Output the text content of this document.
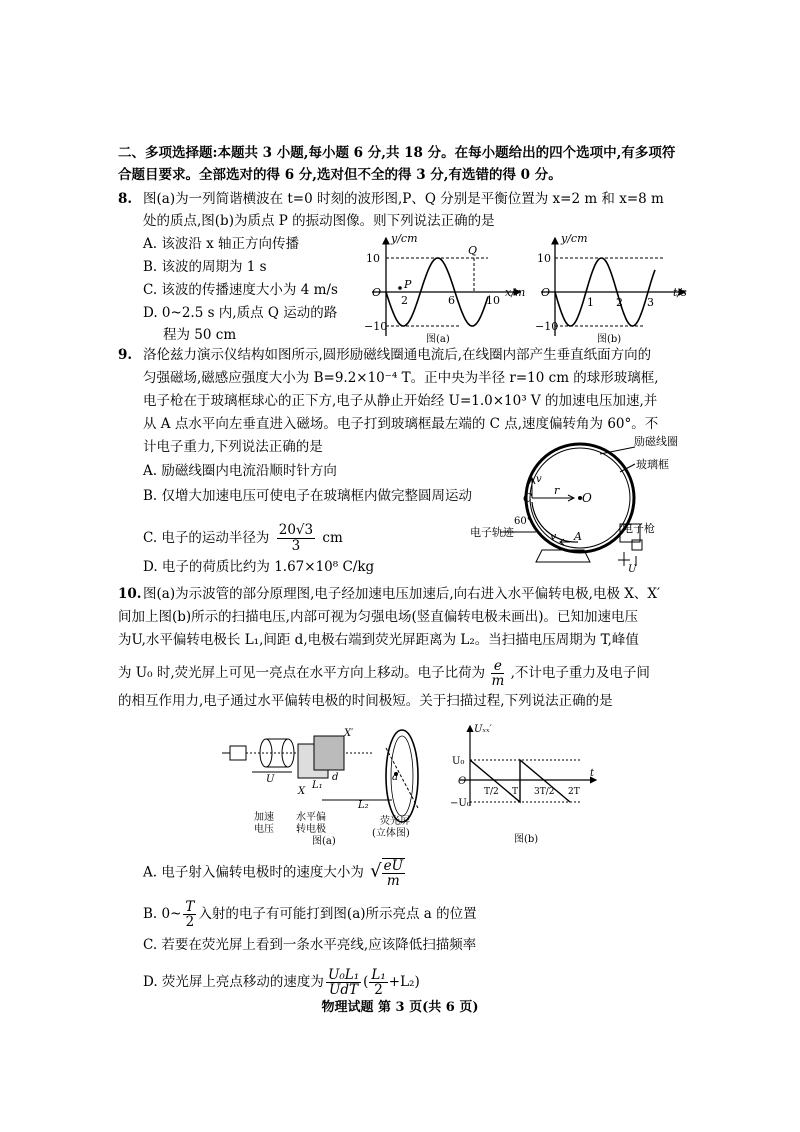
二、多项选择题:本题共 3 小题,每小题 6 分,共 18 分。在每小题给出的四个选项中,有多项符
合题目要求。全部选对的得 6 分,选对但不全的得 3 分,有选错的得 0 分。
8. 图(a)为一列简谐横波在 t=0 时刻的波形图,P、Q 分别是平衡位置为 x=2 m 和 x=8 m
处的质点,图(b)为质点 P 的振动图像。则下列说法正确的是
A. 该波沿 x 轴正方向传播
B. 该波的周期为 1 s
C. 该波的传播速度大小为 4 m/s
D. 0~2.5 s 内,质点 Q 运动的路
程为 50 cm
y/cm
10
−10
O
2	6	10
x/m
P
Q
图(a)
y/cm
10
−10
O
1 2 3
t/s
图(b)
9. 洛伦兹力演示仪结构如图所示,圆形励磁线圈通电流后,在线圈内部产生垂直纸面方向的
匀强磁场,磁感应强度大小为 B=9.2×10⁻⁴ T。正中央为半径 r=10 cm 的球形玻璃框,
电子枪在于玻璃框球心的正下方,电子从静止开始经 U=1.0×10³ V 的加速电压加速,并
从 A 点水平向左垂直进入磁场。电子打到玻璃框最左端的 C 点,速度偏转角为 60°。不
计电子重力,下列说法正确的是
A. 励磁线圈内电流沿顺时针方向
B. 仅增大加速电压可使电子在玻璃框内做完整圆周运动
C. 电子的运动半径为 $\frac{20√3}{3}$ cm
D. 电子的荷质比约为 1.67×10⁸ C/kg
励磁线圈
玻璃框
电子轨迹	电子枪
C	O
r
v
v A
60°
U
10. 图(a)为示波管的部分原理图,电子经加速电压加速后,向右进入水平偏转电极,电极 X、X′
间加上图(b)所示的扫描电压,内部可视为匀强电场(竖直偏转电极未画出)。已知加速电压
为U,水平偏转电极长 L₁,间距 d,电极右端到荧光屏距离为 L₂。当扫描电压周期为 T,峰值
为 U₀ 时,荧光屏上可见一亮点在水平方向上移动。电子比荷为 $\frac{e}{m}$ ,不计电子重力及电子间
的相互作用力,电子通过水平偏转电极的时间极短。关于扫描过程,下列说法正确的是
X′
X
U
L₁
d
L₂
a
加速
电压
水平偏
转电极
荧光屏
(立体图)
图(a)
Uₓₓ′
U₀
O
−U₀
T/2 T 3T/2 2T
t
图(b)
A. 电子射入偏转电极时的速度大小为 √ $\frac{eU}{m}$
B. 0~ $\frac{T}{2}$ 入射的电子有可能打到图(a)所示亮点 a 的位置
C. 若要在荧光屏上看到一条水平亮线,应该降低扫描频率
D. 荧光屏上亮点移动的速度为 U₀L₁
UdT ( $\frac{\text{L₁}}{2} +L_2$)
物理试题 第 3 页(共 6 页)
